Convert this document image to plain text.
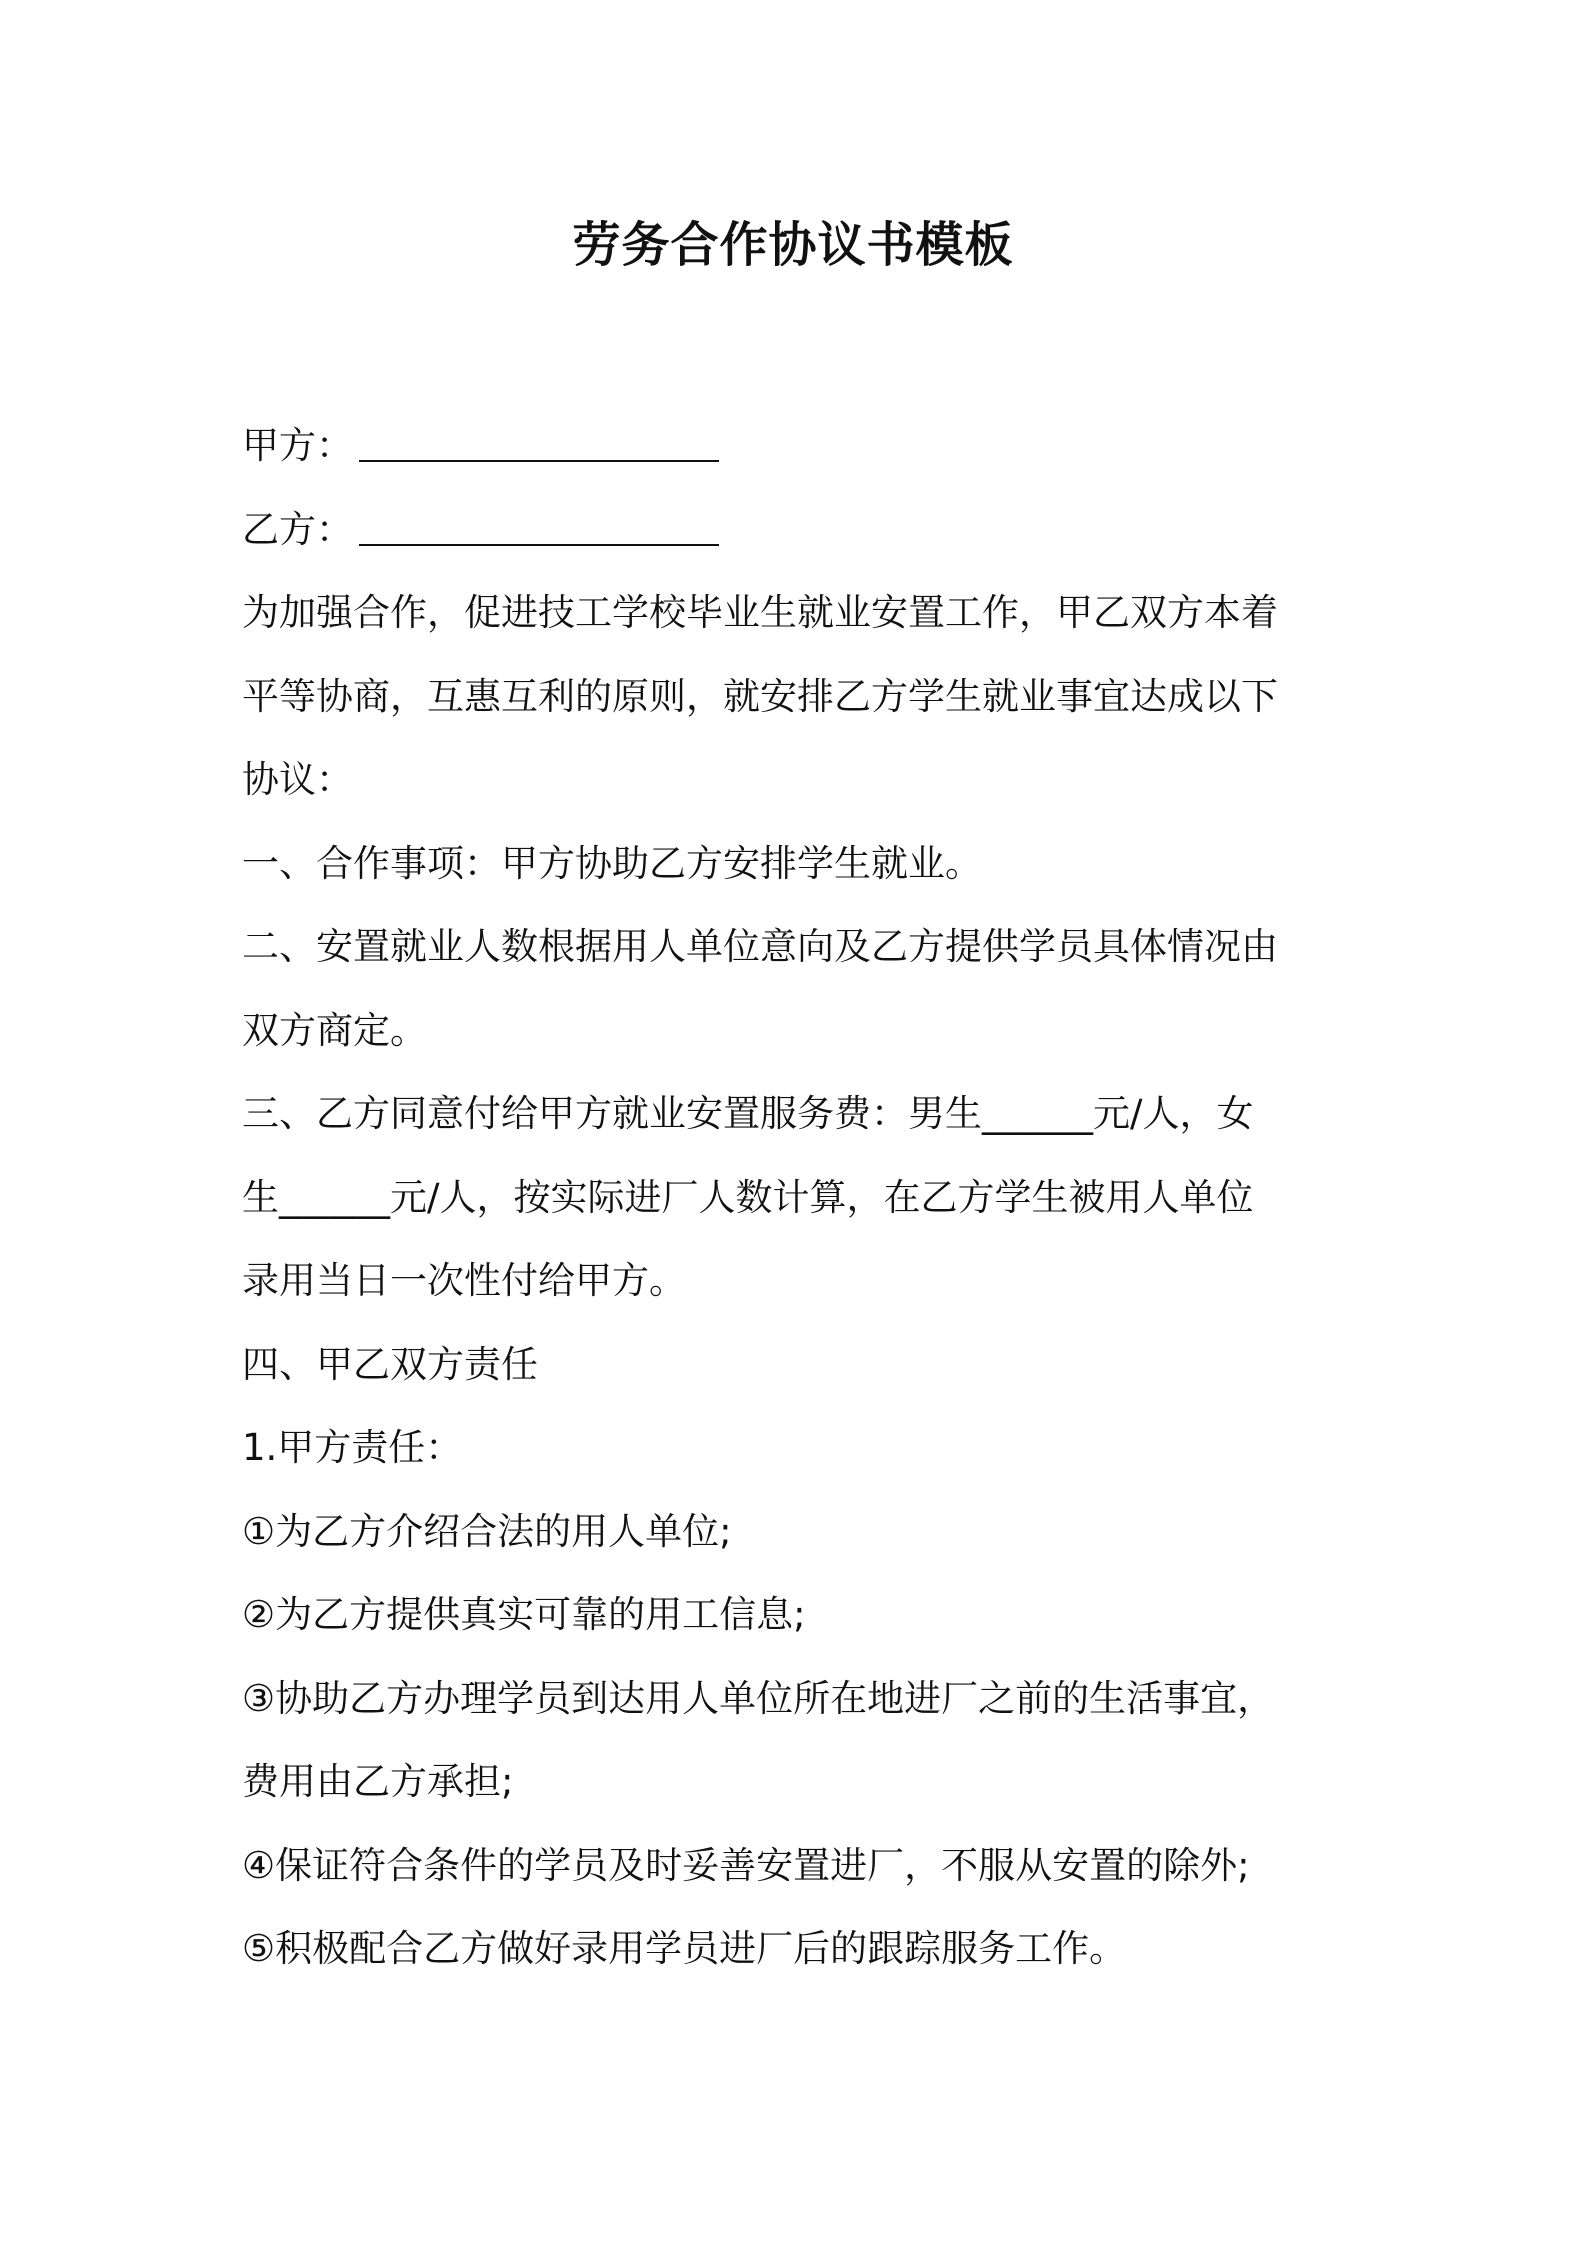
劳务合作协议书模板
甲方：
乙方：
为加强合作，促进技工学校毕业生就业安置工作，甲乙双方本着
平等协商，互惠互利的原则，就安排乙方学生就业事宜达成以下
协议：
一、合作事项：甲方协助乙方安排学生就业。
二、安置就业人数根据用人单位意向及乙方提供学员具体情况由
双方商定。
三、乙方同意付给甲方就业安置服务费：男生______元/人，女
生______元/人，按实际进厂人数计算，在乙方学生被用人单位
录用当日一次性付给甲方。
四、甲乙双方责任
1.甲方责任：
①为乙方介绍合法的用人单位;
②为乙方提供真实可靠的用工信息;
③协助乙方办理学员到达用人单位所在地进厂之前的生活事宜，
费用由乙方承担;
④保证符合条件的学员及时妥善安置进厂，不服从安置的除外;
⑤积极配合乙方做好录用学员进厂后的跟踪服务工作。
